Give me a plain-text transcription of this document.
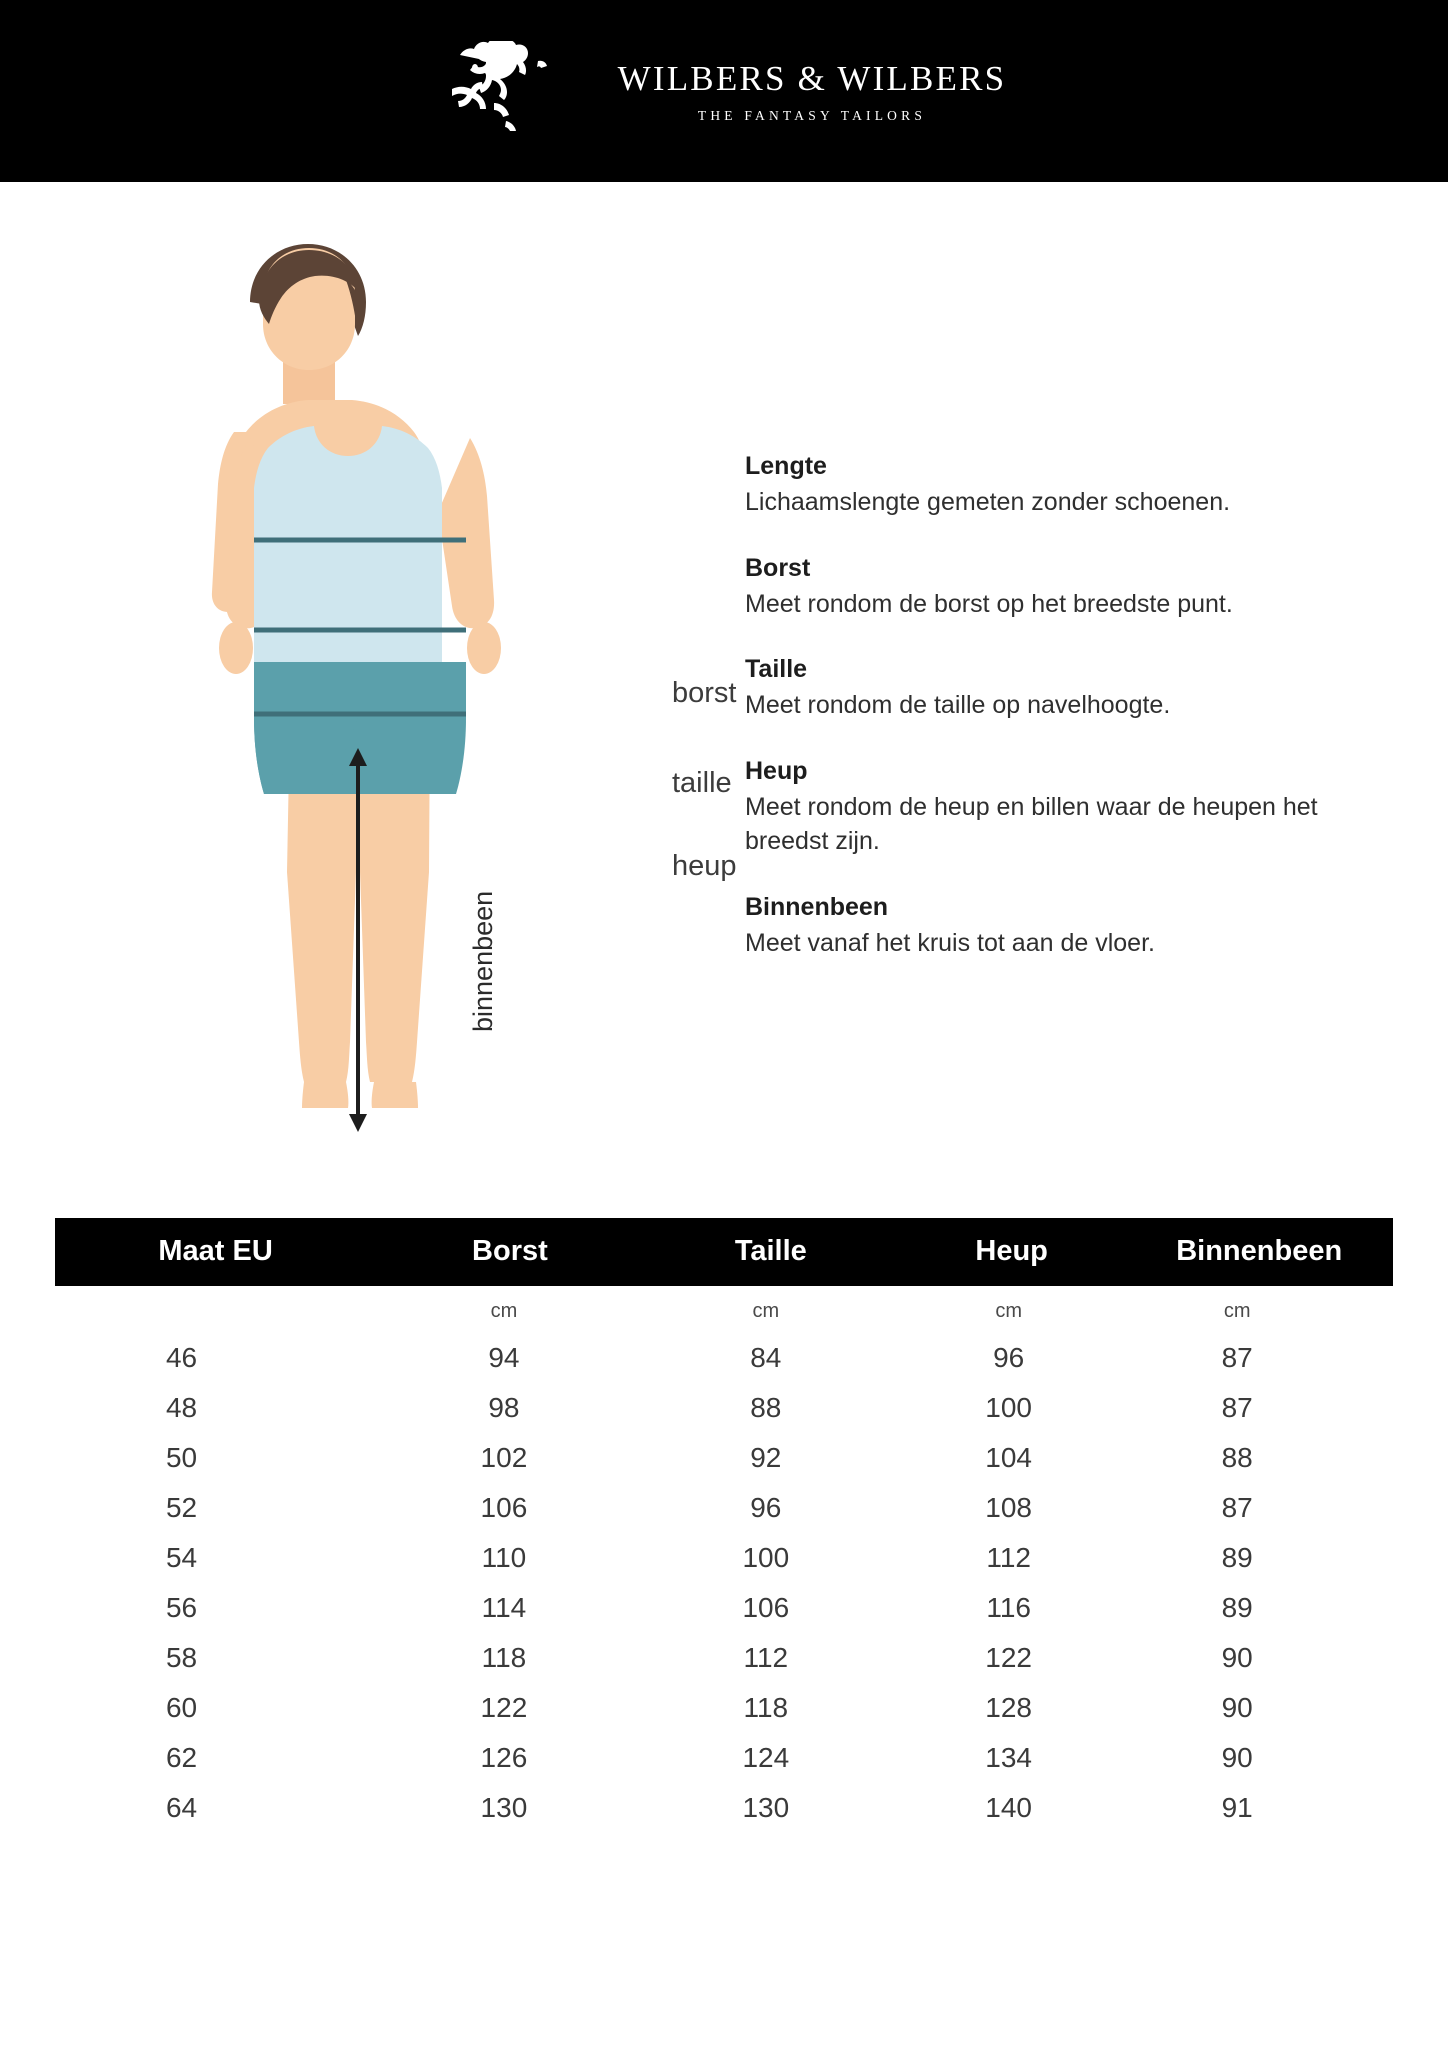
WILBERS & WILBERS
THE FANTASY TAILORS
borst
taille
heup
binnenbeen
Lengte
Lichaamslengte gemeten zonder schoenen.
Borst
Meet rondom de borst op het breedste punt.
Taille
Meet rondom de taille op navelhoogte.
Heup
Meet rondom de heup en billen waar de heupen het breedst zijn.
Binnenbeen
Meet vanaf het kruis tot aan de vloer.
Maat EU	Borst	Taille	Heup	Binnenbeen
	cm	cm	cm	cm
46	94	84	96	87
48	98	88	100	87
50	102	92	104	88
52	106	96	108	87
54	110	100	112	89
56	114	106	116	89
58	118	112	122	90
60	122	118	128	90
62	126	124	134	90
64	130	130	140	91
